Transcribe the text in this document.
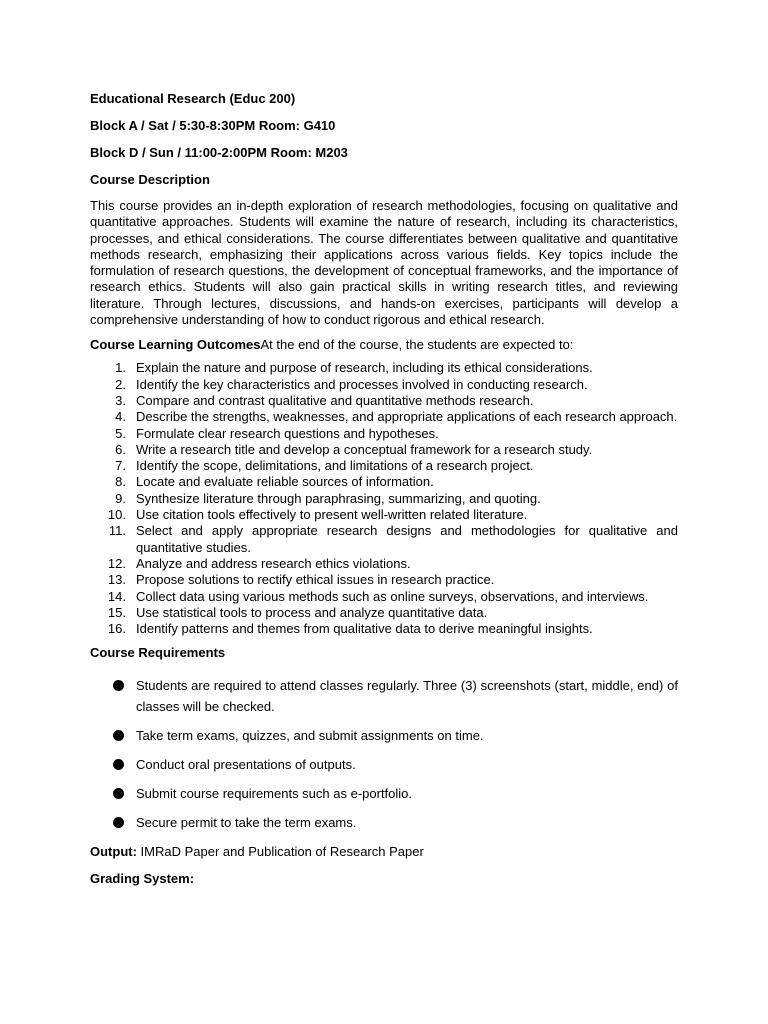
Educational Research (Educ 200)
Block A / Sat / 5:30-8:30PM Room: G410
Block D / Sun / 11:00-2:00PM Room: M203
Course Description

This course provides an in-depth exploration of research methodologies, focusing on qualitative and quantitative approaches. Students will examine the nature of research, including its characteristics, processes, and ethical considerations. The course differentiates between qualitative and quantitative methods research, emphasizing their applications across various fields. Key topics include the formulation of research questions, the development of conceptual frameworks, and the importance of research ethics. Students will also gain practical skills in writing research titles, and reviewing literature. Through lectures, discussions, and hands-on exercises, participants will develop a comprehensive understanding of how to conduct rigorous and ethical research.

Course Learning OutcomesAt the end of the course, the students are expected to:
1. Explain the nature and purpose of research, including its ethical considerations.
2. Identify the key characteristics and processes involved in conducting research.
3. Compare and contrast qualitative and quantitative methods research.
4. Describe the strengths, weaknesses, and appropriate applications of each research approach.
5. Formulate clear research questions and hypotheses.
6. Write a research title and develop a conceptual framework for a research study.
7. Identify the scope, delimitations, and limitations of a research project.
8. Locate and evaluate reliable sources of information.
9. Synthesize literature through paraphrasing, summarizing, and quoting.
10. Use citation tools effectively to present well-written related literature.
11. Select and apply appropriate research designs and methodologies for qualitative and quantitative studies.
12. Analyze and address research ethics violations.
13. Propose solutions to rectify ethical issues in research practice.
14. Collect data using various methods such as online surveys, observations, and interviews.
15. Use statistical tools to process and analyze quantitative data.
16. Identify patterns and themes from qualitative data to derive meaningful insights.
Course Requirements
Students are required to attend classes regularly. Three (3) screenshots (start, middle, end) of classes will be checked.
Take term exams, quizzes, and submit assignments on time.
Conduct oral presentations of outputs.
Submit course requirements such as e-portfolio.
Secure permit to take the term exams.
Output: IMRaD Paper and Publication of Research Paper
Grading System:
